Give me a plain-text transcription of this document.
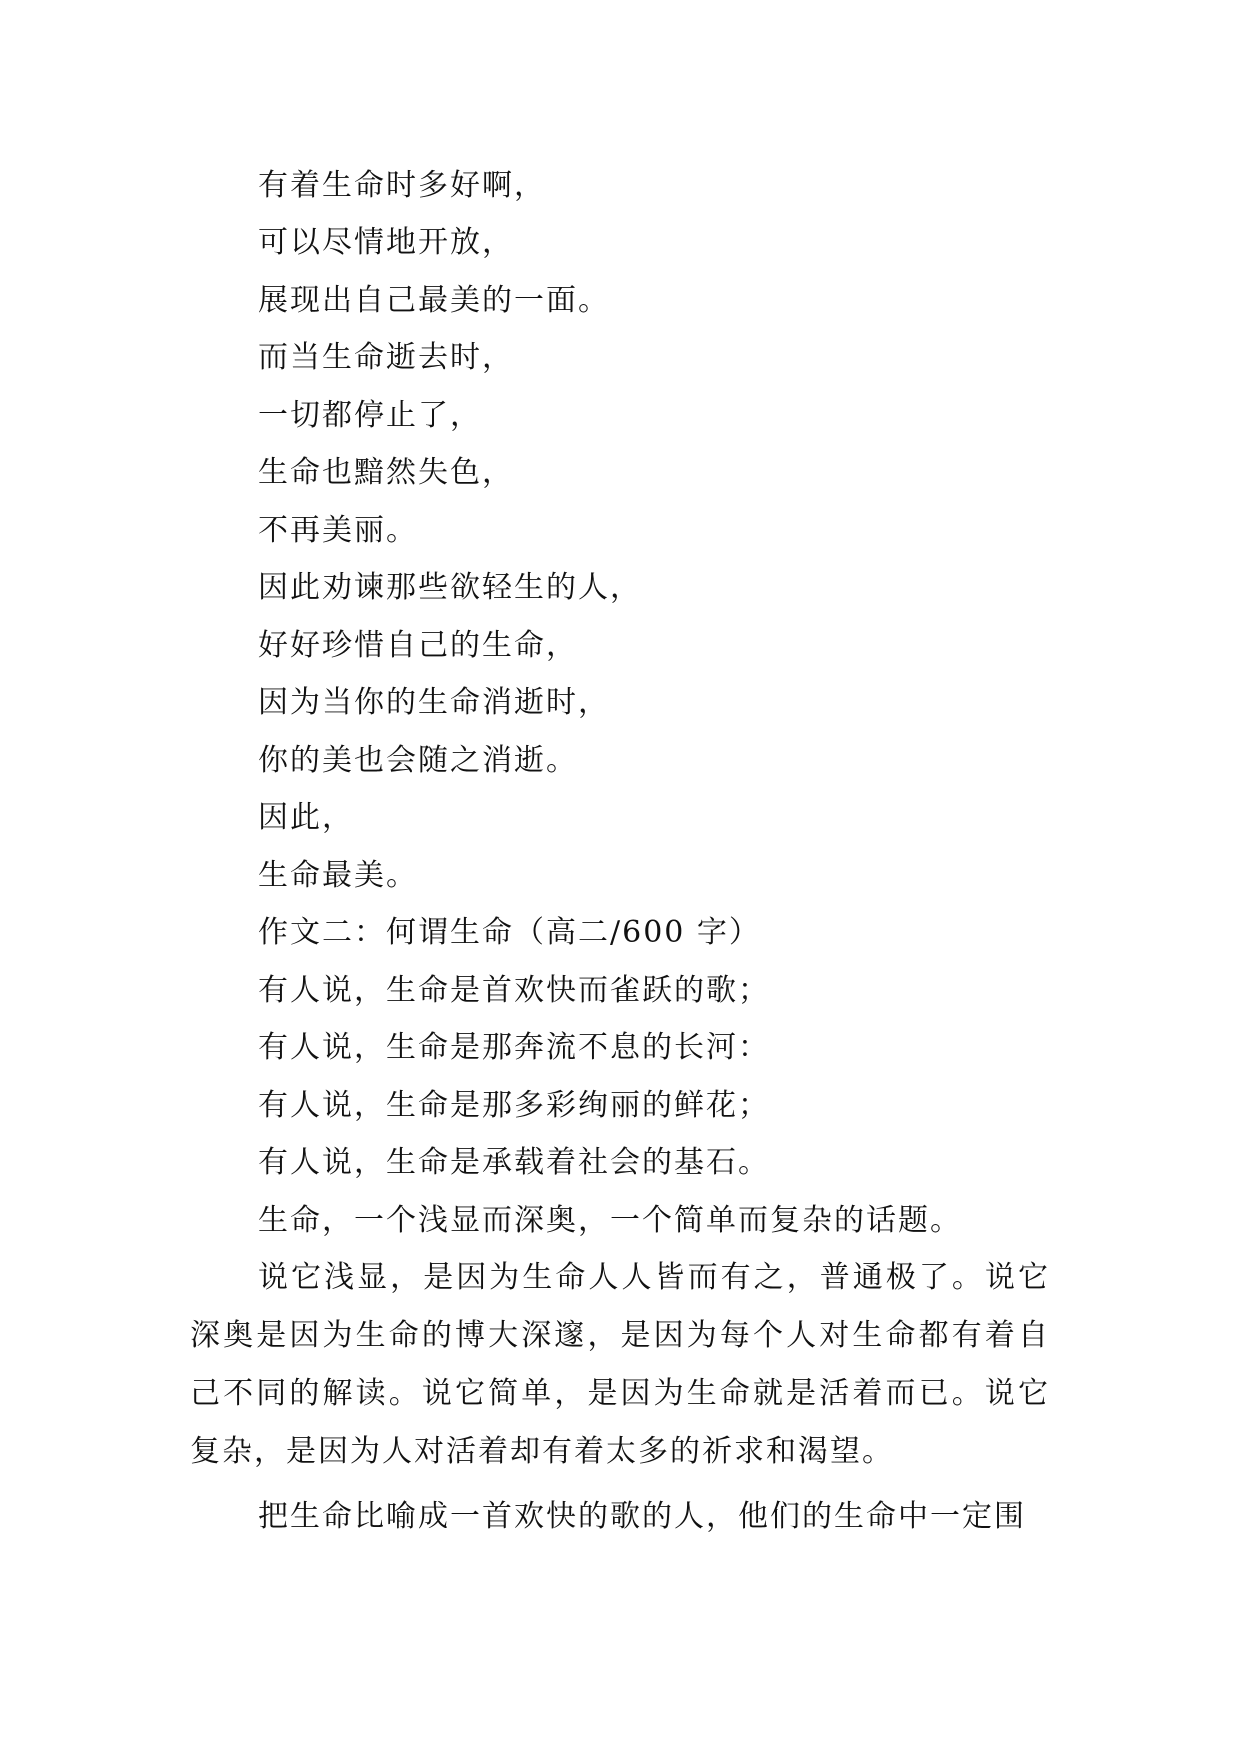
有着生命时多好啊，

可以尽情地开放，

展现出自己最美的一面。

而当生命逝去时，

一切都停止了，

生命也黯然失色，

不再美丽。

因此劝谏那些欲轻生的人，

好好珍惜自己的生命，

因为当你的生命消逝时，

你的美也会随之消逝。

因此，

生命最美。

作文二：何谓生命（高二/600 字）

有人说，生命是首欢快而雀跃的歌；

有人说，生命是那奔流不息的长河：

有人说，生命是那多彩绚丽的鲜花；

有人说，生命是承载着社会的基石。

生命，一个浅显而深奥，一个简单而复杂的话题。

说它浅显，是因为生命人人皆而有之，普通极了。说它深奥是因为生命的博大深邃，是因为每个人对生命都有着自己不同的解读。说它简单，是因为生命就是活着而已。说它复杂，是因为人对活着却有着太多的祈求和渴望。

把生命比喻成一首欢快的歌的人，他们的生命中一定围
